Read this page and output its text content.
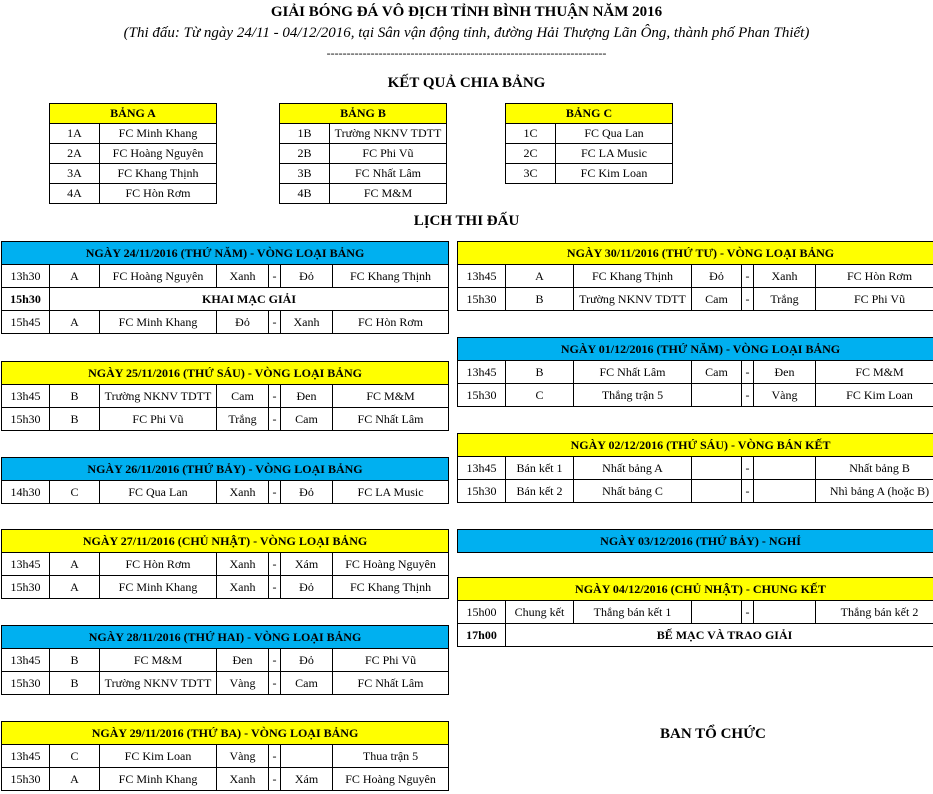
GIẢI BÓNG ĐÁ VÔ ĐỊCH TỈNH BÌNH THUẬN NĂM 2016
(Thi đấu: Từ ngày 24/11 - 04/12/2016, tại Sân vận động tỉnh, đường Hải Thượng Lãn Ông, thành phố Phan Thiết)
----------------------------------------------------------------------
KẾT QUẢ CHIA BẢNG
BẢNG A	
1A	FC Minh Khang
2A	FC Hoàng Nguyên
3A	FC Khang Thịnh
4A	FC Hòn Rơm
BẢNG B	
1B	Trường NKNV TDTT
2B	FC Phi Vũ
3B	FC Nhất Lâm
4B	FC M&M
BẢNG C	
1C	FC Qua Lan
2C	FC LA Music
3C	FC Kim Loan
LỊCH THI ĐẤU
NGÀY 24/11/2016 (THỨ NĂM) - VÒNG LOẠI BẢNG						
13h30	A	FC Hoàng Nguyên	Xanh	-	Đỏ	FC Khang Thịnh
15h30	KHAI MẠC GIẢI					
15h45	A	FC Minh Khang	Đỏ	-	Xanh	FC Hòn Rơm
NGÀY 25/11/2016 (THỨ SÁU) - VÒNG LOẠI BẢNG						
13h45	B	Trường NKNV TDTT	Cam	-	Đen	FC M&M
15h30	B	FC Phi Vũ	Trắng	-	Cam	FC Nhất Lâm
NGÀY 26/11/2016 (THỨ BẢY) - VÒNG LOẠI BẢNG
14h30	C	FC Qua Lan	Xanh	-	Đỏ	FC LA Music
NGÀY 27/11/2016 (CHỦ NHẬT) - VÒNG LOẠI BẢNG						
13h45	A	FC Hòn Rơm	Xanh	-	Xám	FC Hoàng Nguyên
15h30	A	FC Minh Khang	Xanh	-	Đỏ	FC Khang Thịnh
NGÀY 28/11/2016 (THỨ HAI) - VÒNG LOẠI BẢNG						
13h45	B	FC M&M	Đen	-	Đỏ	FC Phi Vũ
15h30	B	Trường NKNV TDTT	Vàng	-	Cam	FC Nhất Lâm
NGÀY 29/11/2016 (THỨ BA) - VÒNG LOẠI BẢNG						
13h45	C	FC Kim Loan	Vàng	-		Thua trận 5
15h30	A	FC Minh Khang	Xanh	-	Xám	FC Hoàng Nguyên
NGÀY 30/11/2016 (THỨ TƯ) - VÒNG LOẠI BẢNG						
13h45	A	FC Khang Thịnh	Đỏ	-	Xanh	FC Hòn Rơm
15h30	B	Trường NKNV TDTT	Cam	-	Trắng	FC Phi Vũ
NGÀY 01/12/2016 (THỨ NĂM) - VÒNG LOẠI BẢNG						
13h45	B	FC Nhất Lâm	Cam	-	Đen	FC M&M
15h30	C	Thắng trận 5		-	Vàng	FC Kim Loan
NGÀY 02/12/2016 (THỨ SÁU) - VÒNG BÁN KẾT						
13h45	Bán kết 1	Nhất bảng A		-		Nhất bảng B
15h30	Bán kết 2	Nhất bảng C		-		Nhì bảng A (hoặc B)
NGÀY 03/12/2016 (THỨ BẢY) - NGHỈ
NGÀY 04/12/2016 (CHỦ NHẬT) - CHUNG KẾT						
15h00	Chung kết	Thắng bán kết 1		-		Thắng bán kết 2
17h00	BẾ MẠC VÀ TRAO GIẢI					
BAN TỔ CHỨC
